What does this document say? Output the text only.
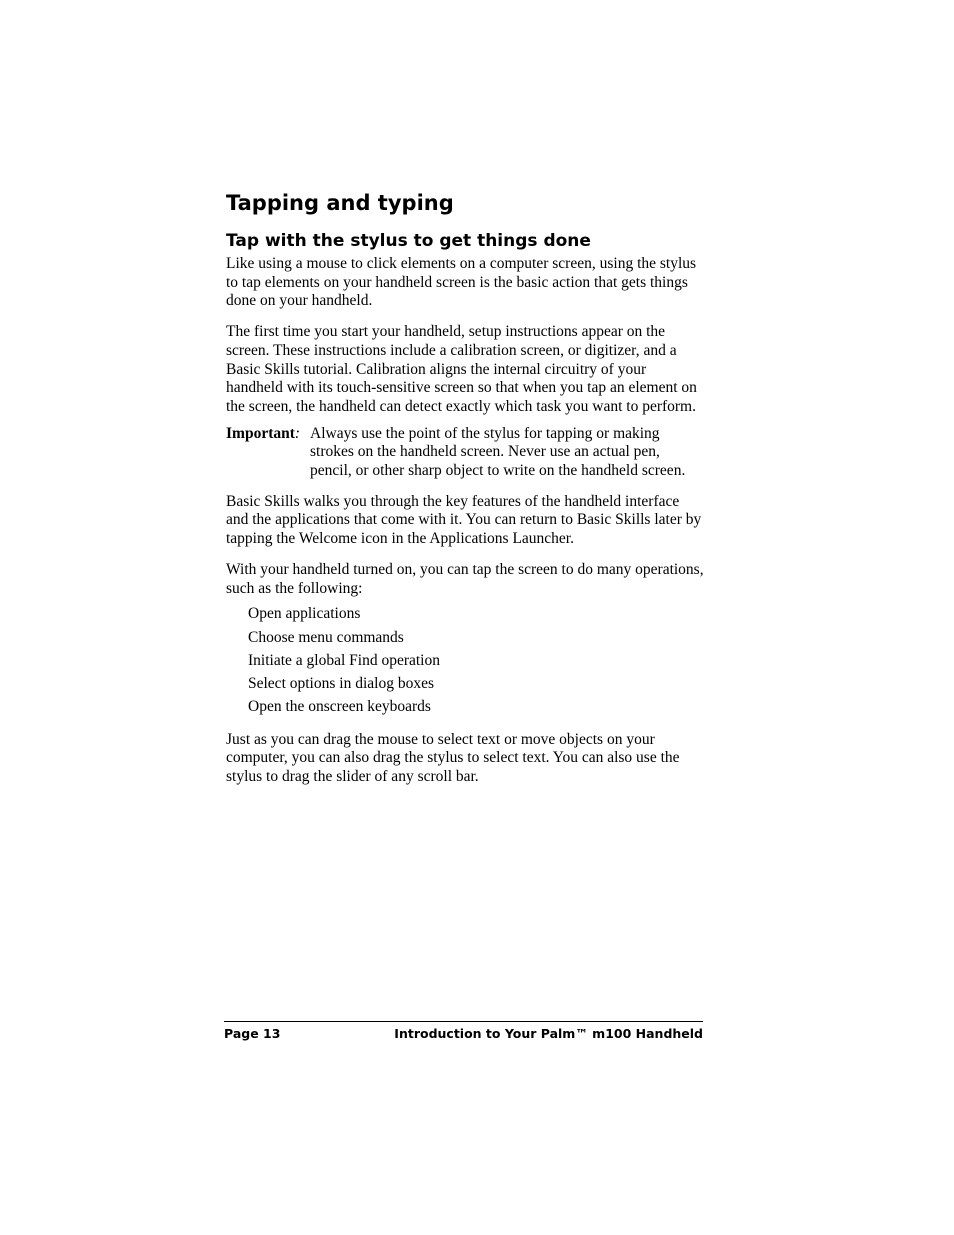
Tapping and typing
Tap with the stylus to get things done

Like using a mouse to click elements on a computer screen, using the stylus to tap elements on your handheld screen is the basic action that gets things done on your handheld.

The first time you start your handheld, setup instructions appear on the screen. These instructions include a calibration screen, or digitizer, and a Basic Skills tutorial. Calibration aligns the internal circuitry of your handheld with its touch-sensitive screen so that when you tap an element on the screen, the handheld can detect exactly which task you want to perform.

Important: Always use the point of the stylus for tapping or making strokes on the handheld screen. Never use an actual pen, pencil, or other sharp object to write on the handheld screen.

Basic Skills walks you through the key features of the handheld interface and the applications that come with it. You can return to Basic Skills later by tapping the Welcome icon in the Applications Launcher.

With your handheld turned on, you can tap the screen to do many operations, such as the following:

Open applications
Choose menu commands
Initiate a global Find operation
Select options in dialog boxes
Open the onscreen keyboards

Just as you can drag the mouse to select text or move objects on your computer, you can also drag the stylus to select text. You can also use the stylus to drag the slider of any scroll bar.

Page 13	Introduction to Your Palm™ m100 Handheld
